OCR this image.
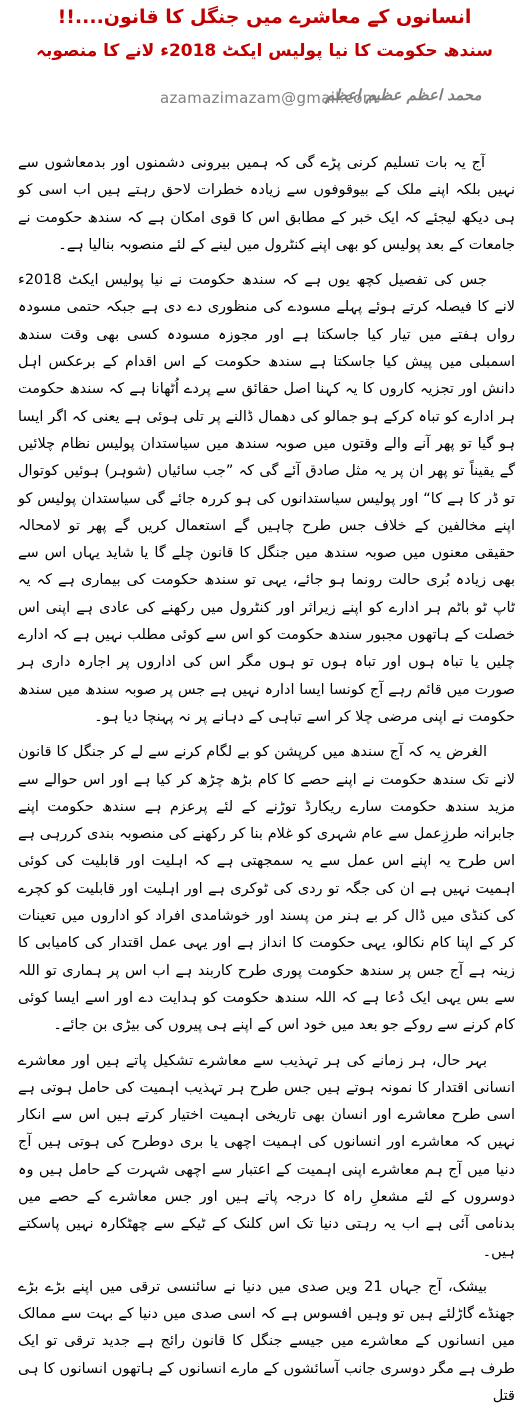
انسانوں کے معاشرے میں جنگل کا قانون....!!
سندھ حکومت کا نیا پولیس ایکٹ 2018ء لانے کا منصوبہ
azamazimazam@gmail.com
محمد اعظم عظیم اعظم

آج یہ بات تسلیم کرنی پڑے گی کہ ہمیں بیرونی دشمنوں اور بدمعاشوں سے نہیں بلکہ اپنے ملک کے بیوقوفوں سے زیادہ خطرات لاحق رہتے ہیں اب اسی کو ہی دیکھ لیجئے کہ ایک خبر کے مطابق اس کا قوی امکان ہے کہ سندھ حکومت نے جامعات کے بعد پولیس کو بھی اپنے کنٹرول میں لینے کے لئے منصوبہ بنالیا ہے۔

جس کی تفصیل کچھ یوں ہے کہ سندھ حکومت نے نیا پولیس ایکٹ 2018ء لانے کا فیصلہ کرتے ہوئے پہلے مسودے کی منظوری دے دی ہے جبکہ حتمی مسودہ رواں ہفتے میں تیار کیا جاسکتا ہے اور مجوزہ مسودہ کسی بھی وقت سندھ اسمبلی میں پیش کیا جاسکتا ہے سندھ حکومت کے اس اقدام کے برعکس اہل دانش اور تجزیہ کاروں کا یہ کہنا اصل حقائق سے پردے اُٹھانا ہے کہ سندھ حکومت ہر ادارے کو تباہ کرکے ہو جمالو کی دھمال ڈالنے پر تلی ہوئی ہے یعنی کہ اگر ایسا ہو گیا تو پھر آنے والے وقتوں میں صوبہ سندھ میں سیاستدان پولیس نظام چلائیں گے یقیناً تو پھر ان پر یہ مثل صادق آئے گی کہ ”جب سائیاں (شوہر) ہوئیں کوتوال تو ڈر کا ہے کا“ اور پولیس سیاستدانوں کی ہو کررہ جائے گی سیاستدان پولیس کو اپنے مخالفین کے خلاف جس طرح چاہیں گے استعمال کریں گے پھر تو لامحالہ حقیقی معنوں میں صوبہ سندھ میں جنگل کا قانون چلے گا یا شاید یہاں اس سے بھی زیادہ بُری حالت رونما ہو جائے، یہی تو سندھ حکومت کی بیماری ہے کہ یہ ٹاپ ٹو باٹم ہر ادارے کو اپنے زیراثر اور کنٹرول میں رکھنے کی عادی ہے اپنی اس خصلت کے ہاتھوں مجبور سندھ حکومت کو اس سے کوئی مطلب نہیں ہے کہ ادارے چلیں یا تباہ ہوں اور تباہ ہوں تو ہوں مگر اس کی اداروں پر اجارہ داری ہر صورت میں قائم رہے آج کونسا ایسا ادارہ نہیں ہے جس پر صوبہ سندھ میں سندھ حکومت نے اپنی مرضی چلا کر اسے تباہی کے دہانے پر نہ پہنچا دیا ہو۔

الغرض یہ کہ آج سندھ میں کرپشن کو بے لگام کرنے سے لے کر جنگل کا قانون لانے تک سندھ حکومت نے اپنے حصے کا کام بڑھ چڑھ کر کیا ہے اور اس حوالے سے مزید سندھ حکومت سارے ریکارڈ توڑنے کے لئے پرعزم ہے سندھ حکومت اپنے جابرانہ طرزِعمل سے عام شہری کو غلام بنا کر رکھنے کی منصوبہ بندی کررہی ہے اس طرح یہ اپنے اس عمل سے یہ سمجھتی ہے کہ اہلیت اور قابلیت کی کوئی اہمیت نہیں ہے ان کی جگہ تو ردی کی ٹوکری ہے اور اہلیت اور قابلیت کو کچرے کی کنڈی میں ڈال کر بے ہنر من پسند اور خوشامدی افراد کو اداروں میں تعینات کر کے اپنا کام نکالو، یہی حکومت کا انداز ہے اور یہی عمل اقتدار کی کامیابی کا زینہ ہے آج جس پر سندھ حکومت پوری طرح کاربند ہے اب اس پر ہماری تو اللہ سے بس یہی ایک دُعا ہے کہ اللہ سندھ حکومت کو ہدایت دے اور اسے ایسا کوئی کام کرنے سے روکے جو بعد میں خود اس کے اپنے ہی پیروں کی بیڑی بن جائے۔

بہر حال، ہر زمانے کی ہر تہذیب سے معاشرے تشکیل پاتے ہیں اور معاشرے انسانی اقتدار کا نمونہ ہوتے ہیں جس طرح ہر تہذیب اہمیت کی حامل ہوتی ہے اسی طرح معاشرے اور انسان بھی تاریخی اہمیت اختیار کرتے ہیں اس سے انکار نہیں کہ معاشرے اور انسانوں کی اہمیت اچھی یا بری دوطرح کی ہوتی ہیں آج دنیا میں آج ہم معاشرے اپنی اہمیت کے اعتبار سے اچھی شہرت کے حامل ہیں وہ دوسروں کے لئے مشعلِ راہ کا درجہ پاتے ہیں اور جس معاشرے کے حصے میں بدنامی آئی ہے اب یہ رہتی دنیا تک اس کلنک کے ٹیکے سے چھٹکارہ نہیں پاسکتے ہیں۔

بیشک، آج جہاں 21 ویں صدی میں دنیا نے سائنسی ترقی میں اپنے بڑے بڑے جھنڈے گاڑلئے ہیں تو وہیں افسوس ہے کہ اسی صدی میں دنیا کے بہت سے ممالک میں انسانوں کے معاشرے میں جیسے جنگل کا قانون رائج ہے جدید ترقی تو ایک طرف ہے مگر دوسری جانب آسائشوں کے مارے انسانوں کے ہاتھوں انسانوں کا ہی قتل
